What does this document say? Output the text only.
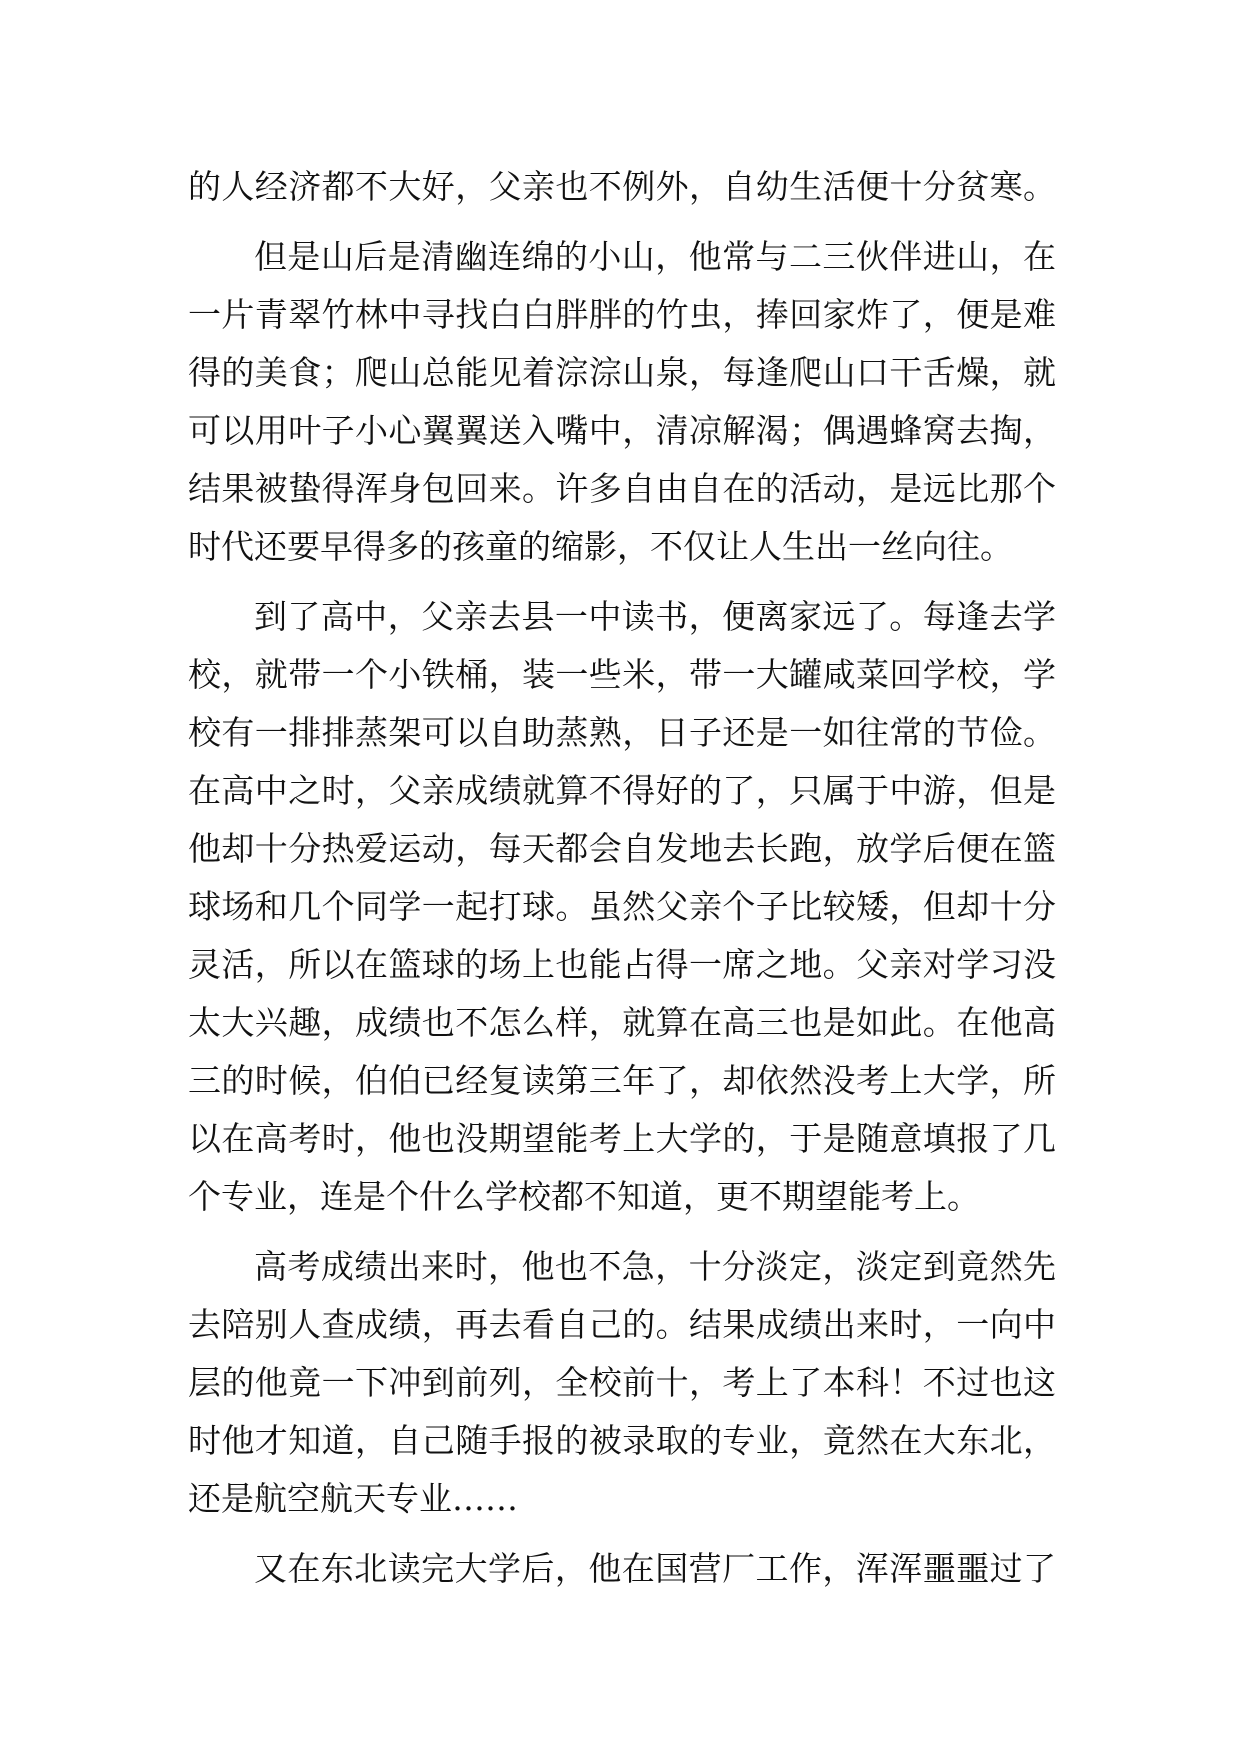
的人经济都不大好，父亲也不例外，自幼生活便十分贫寒。
但是山后是清幽连绵的小山，他常与二三伙伴进山，在
一片青翠竹林中寻找白白胖胖的竹虫，捧回家炸了，便是难
得的美食；爬山总能见着淙淙山泉，每逢爬山口干舌燥，就
可以用叶子小心翼翼送入嘴中，清凉解渴；偶遇蜂窝去掏，
结果被蛰得浑身包回来。许多自由自在的活动，是远比那个
时代还要早得多的孩童的缩影，不仅让人生出一丝向往。
到了高中，父亲去县一中读书，便离家远了。每逢去学
校，就带一个小铁桶，装一些米，带一大罐咸菜回学校，学
校有一排排蒸架可以自助蒸熟，日子还是一如往常的节俭。
在高中之时，父亲成绩就算不得好的了，只属于中游，但是
他却十分热爱运动，每天都会自发地去长跑，放学后便在篮
球场和几个同学一起打球。虽然父亲个子比较矮，但却十分
灵活，所以在篮球的场上也能占得一席之地。父亲对学习没
太大兴趣，成绩也不怎么样，就算在高三也是如此。在他高
三的时候，伯伯已经复读第三年了，却依然没考上大学，所
以在高考时，他也没期望能考上大学的，于是随意填报了几
个专业，连是个什么学校都不知道，更不期望能考上。
高考成绩出来时，他也不急，十分淡定，淡定到竟然先
去陪别人查成绩，再去看自己的。结果成绩出来时，一向中
层的他竟一下冲到前列，全校前十，考上了本科！不过也这
时他才知道，自己随手报的被录取的专业，竟然在大东北，
还是航空航天专业……
又在东北读完大学后，他在国营厂工作，浑浑噩噩过了
